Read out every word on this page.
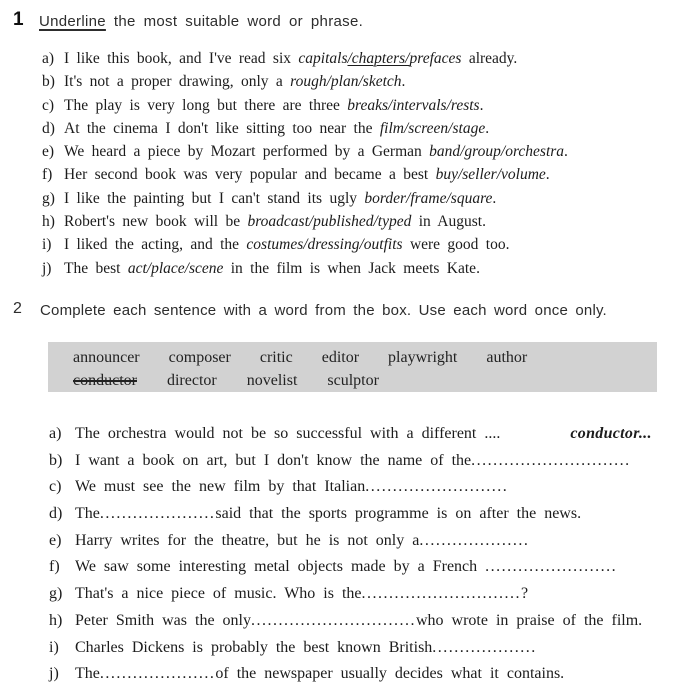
1 Underline the most suitable word or phrase.
a) I like this book, and I've read six capitals/chapters/prefaces already.
b) It's not a proper drawing, only a rough/plan/sketch.
c) The play is very long but there are three breaks/intervals/rests.
d) At the cinema I don't like sitting too near the film/screen/stage.
e) We heard a piece by Mozart performed by a German band/group/orchestra.
f) Her second book was very popular and became a best buy/seller/volume.
g) I like the painting but I can't stand its ugly border/frame/square.
h) Robert's new book will be broadcast/published/typed in August.
i) I liked the acting, and the costumes/dressing/outfits were good too.
j) The best act/place/scene in the film is when Jack meets Kate.
2 Complete each sentence with a word from the box. Use each word once only.
announcer composer critic editor playwright author
conductor director novelist sculptor
a) The orchestra would not be so successful with a different ....	conductor...
b) I want a book on art, but I don't know the name of the.............................
c) We must see the new film by that Italian..........................
d) The.....................said that the sports programme is on after the news.
e) Harry writes for the theatre, but he is not only a....................
f) We saw some interesting metal objects made by a French ........................
g) That's a nice piece of music. Who is the.............................?
h) Peter Smith was the only..............................who wrote in praise of the film.
i) Charles Dickens is probably the best known British...................
j) The.....................of the newspaper usually decides what it contains.
